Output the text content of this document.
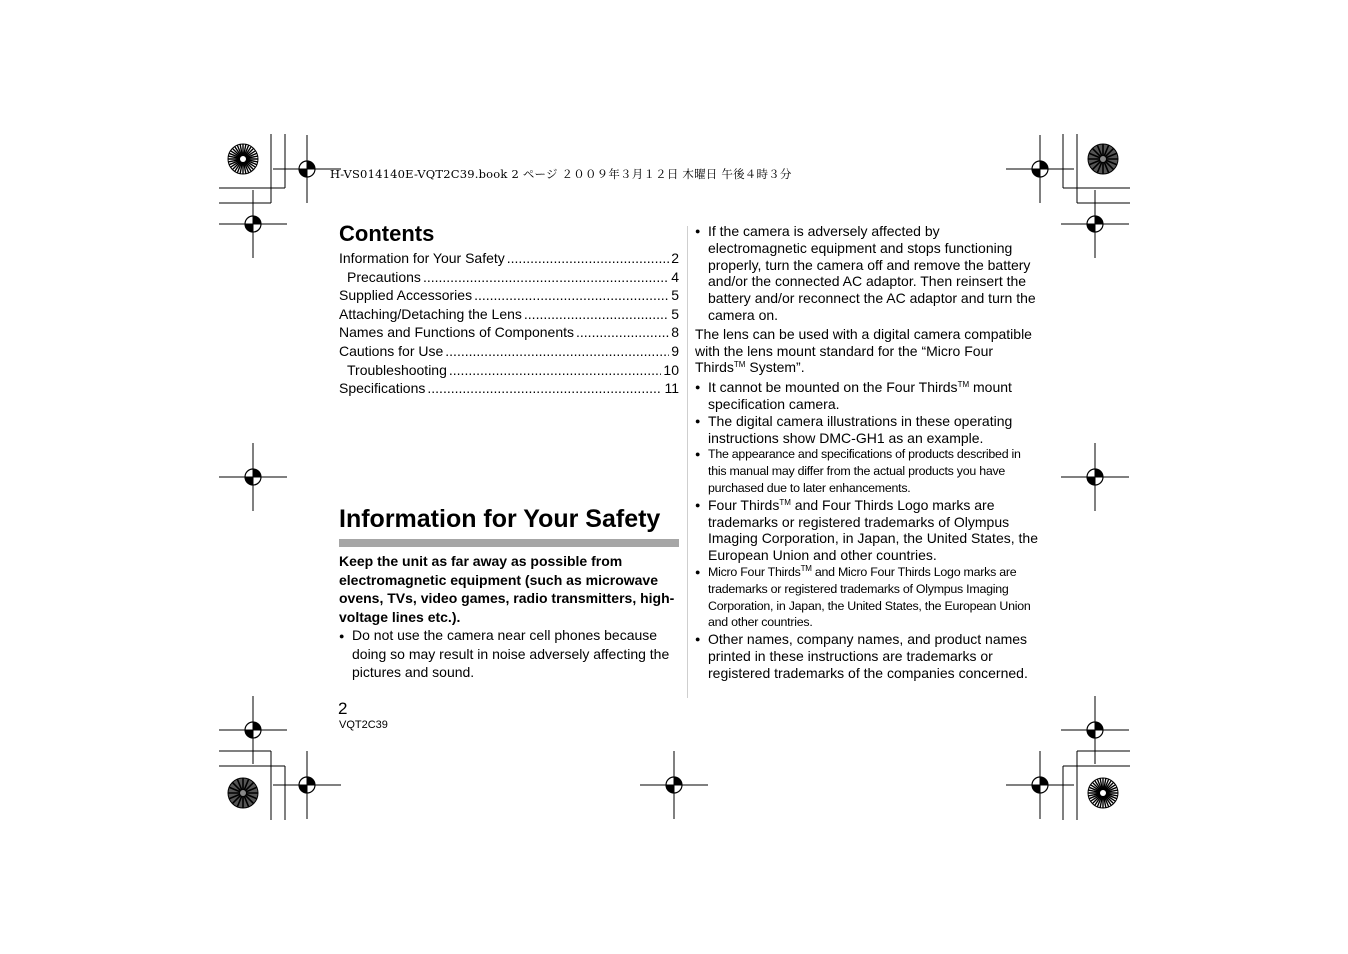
H-VS014140E-VQT2C39.book 2 ページ ２００９年３月１２日 木曜日 午後４時３分
Contents
Information for Your Safety .....	2
Precautions .....	4
Supplied Accessories .....	5
Attaching/Detaching the Lens .....	5
Names and Functions of Components .....	8
Cautions for Use .....	9
Troubleshooting .....	10
Specifications .....	11
Information for Your Safety
Keep the unit as far away as possible from electromagnetic equipment (such as microwave ovens, TVs, video games, radio transmitters, high-voltage lines etc.).
● Do not use the camera near cell phones because doing so may result in noise adversely affecting the pictures and sound.
● If the camera is adversely affected by electromagnetic equipment and stops functioning properly, turn the camera off and remove the battery and/or the connected AC adaptor. Then reinsert the battery and/or reconnect the AC adaptor and turn the camera on.

The lens can be used with a digital camera compatible with the lens mount standard for the “Micro Four Thirds™ System”.

● It cannot be mounted on the Four Thirds™ mount specification camera.
● The digital camera illustrations in these operating instructions show DMC-GH1 as an example.
● The appearance and specifications of products described in this manual may differ from the actual products you have purchased due to later enhancements.
● Four Thirds™ and Four Thirds Logo marks are trademarks or registered trademarks of Olympus Imaging Corporation, in Japan, the United States, the European Union and other countries.
● Micro Four Thirds™ and Micro Four Thirds Logo marks are trademarks or registered trademarks of Olympus Imaging Corporation, in Japan, the United States, the European Union and other countries.
● Other names, company names, and product names printed in these instructions are trademarks or registered trademarks of the companies concerned.
2
VQT2C39
